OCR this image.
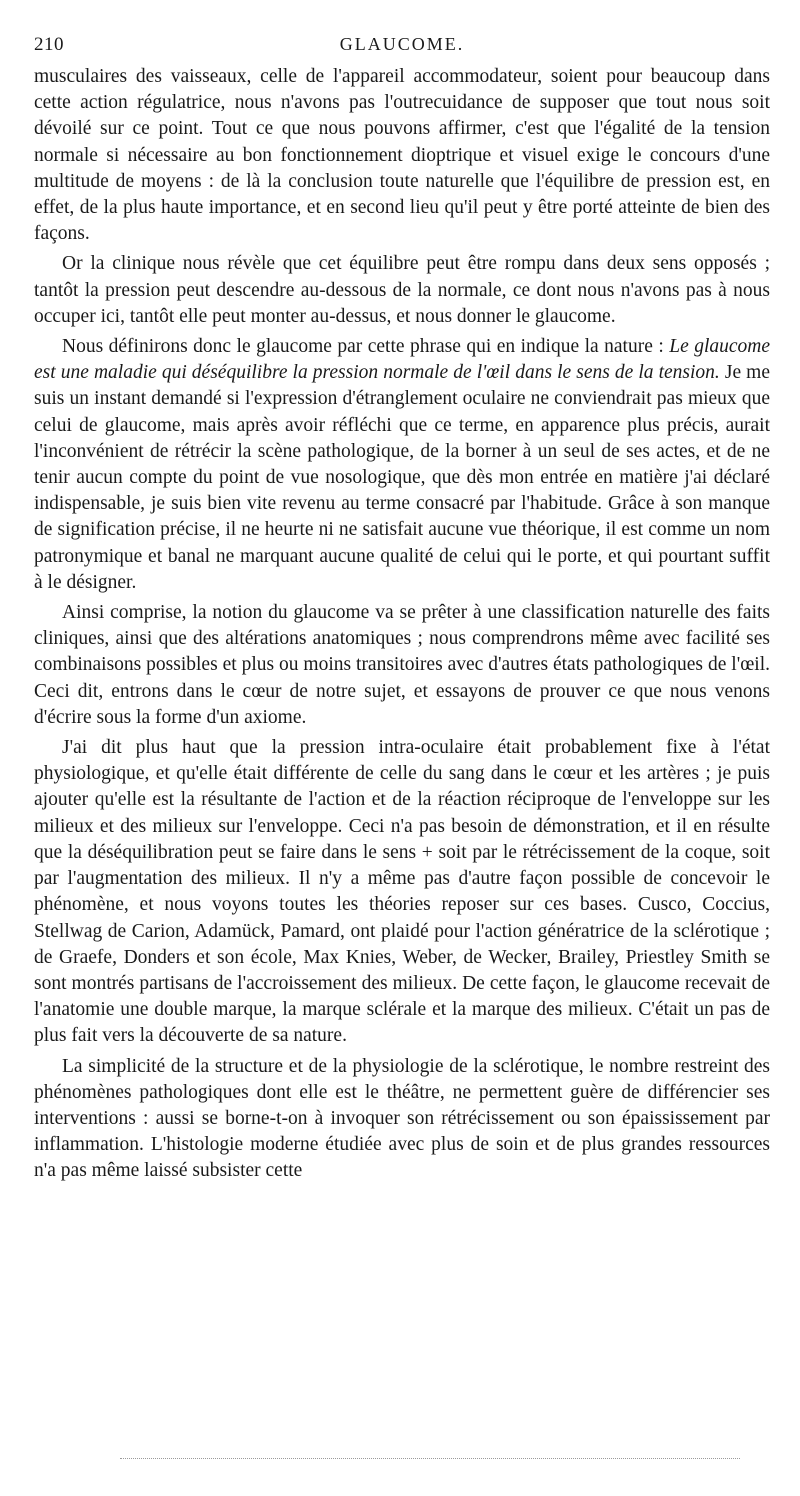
210	GLAUCOME.

musculaires des vaisseaux, celle de l'appareil accommodateur, soient pour beaucoup dans cette action régulatrice, nous n'avons pas l'outrecuidance de supposer que tout nous soit dévoilé sur ce point. Tout ce que nous pouvons affirmer, c'est que l'égalité de la tension normale si nécessaire au bon fonctionnement dioptrique et visuel exige le concours d'une multitude de moyens : de là la conclusion toute naturelle que l'équilibre de pression est, en effet, de la plus haute importance, et en second lieu qu'il peut y être porté atteinte de bien des façons.

Or la clinique nous révèle que cet équilibre peut être rompu dans deux sens opposés ; tantôt la pression peut descendre au-dessous de la normale, ce dont nous n'avons pas à nous occuper ici, tantôt elle peut monter au-dessus, et nous donner le glaucome.

Nous définirons donc le glaucome par cette phrase qui en indique la nature : Le glaucome est une maladie qui déséquilibre la pression normale de l'œil dans le sens de la tension. Je me suis un instant demandé si l'expression d'étranglement oculaire ne conviendrait pas mieux que celui de glaucome, mais après avoir réfléchi que ce terme, en apparence plus précis, aurait l'inconvénient de rétrécir la scène pathologique, de la borner à un seul de ses actes, et de ne tenir aucun compte du point de vue nosologique, que dès mon entrée en matière j'ai déclaré indispensable, je suis bien vite revenu au terme consacré par l'habitude. Grâce à son manque de signification précise, il ne heurte ni ne satisfait aucune vue théorique, il est comme un nom patronymique et banal ne marquant aucune qualité de celui qui le porte, et qui pourtant suffit à le désigner.

Ainsi comprise, la notion du glaucome va se prêter à une classification naturelle des faits cliniques, ainsi que des altérations anatomiques ; nous comprendrons même avec facilité ses combinaisons possibles et plus ou moins transitoires avec d'autres états pathologiques de l'œil. Ceci dit, entrons dans le cœur de notre sujet, et essayons de prouver ce que nous venons d'écrire sous la forme d'un axiome.

J'ai dit plus haut que la pression intra-oculaire était probablement fixe à l'état physiologique, et qu'elle était différente de celle du sang dans le cœur et les artères ; je puis ajouter qu'elle est la résultante de l'action et de la réaction réciproque de l'enveloppe sur les milieux et des milieux sur l'enveloppe. Ceci n'a pas besoin de démonstration, et il en résulte que la déséquilibration peut se faire dans le sens + soit par le rétrécissement de la coque, soit par l'augmentation des milieux. Il n'y a même pas d'autre façon possible de concevoir le phénomène, et nous voyons toutes les théories reposer sur ces bases. Cusco, Coccius, Stellwag de Carion, Adamück, Pamard, ont plaidé pour l'action génératrice de la sclérotique ; de Graefe, Donders et son école, Max Knies, Weber, de Wecker, Brailey, Priestley Smith se sont montrés partisans de l'accroissement des milieux. De cette façon, le glaucome recevait de l'anatomie une double marque, la marque sclérale et la marque des milieux. C'était un pas de plus fait vers la découverte de sa nature.

La simplicité de la structure et de la physiologie de la sclérotique, le nombre restreint des phénomènes pathologiques dont elle est le théâtre, ne permettent guère de différencier ses interventions : aussi se borne-t-on à invoquer son rétrécissement ou son épaississement par inflammation. L'histologie moderne étudiée avec plus de soin et de plus grandes ressources n'a pas même laissé subsister cette
